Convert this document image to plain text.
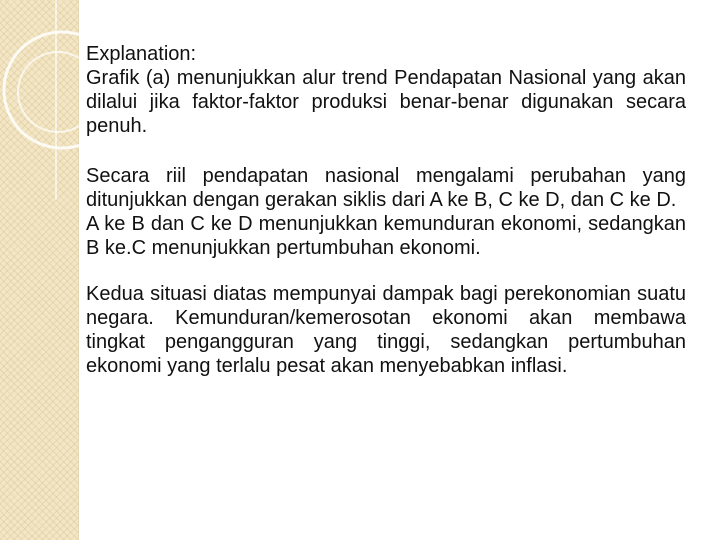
Explanation:
Grafik (a) menunjukkan alur trend Pendapatan Nasional yang akan dilalui jika faktor-faktor produksi benar-benar digunakan secara penuh.

Secara riil pendapatan nasional mengalami perubahan yang ditunjukkan dengan gerakan siklis dari A ke B, C ke D, dan C ke D.

A ke B dan C ke D menunjukkan kemunduran ekonomi, sedangkan B ke.C menunjukkan pertumbuhan ekonomi.

Kedua situasi diatas mempunyai dampak bagi perekonomian suatu negara. Kemunduran/kemerosotan ekonomi akan membawa tingkat pengangguran yang tinggi, sedangkan pertumbuhan ekonomi yang terlalu pesat akan menyebabkan inflasi.
